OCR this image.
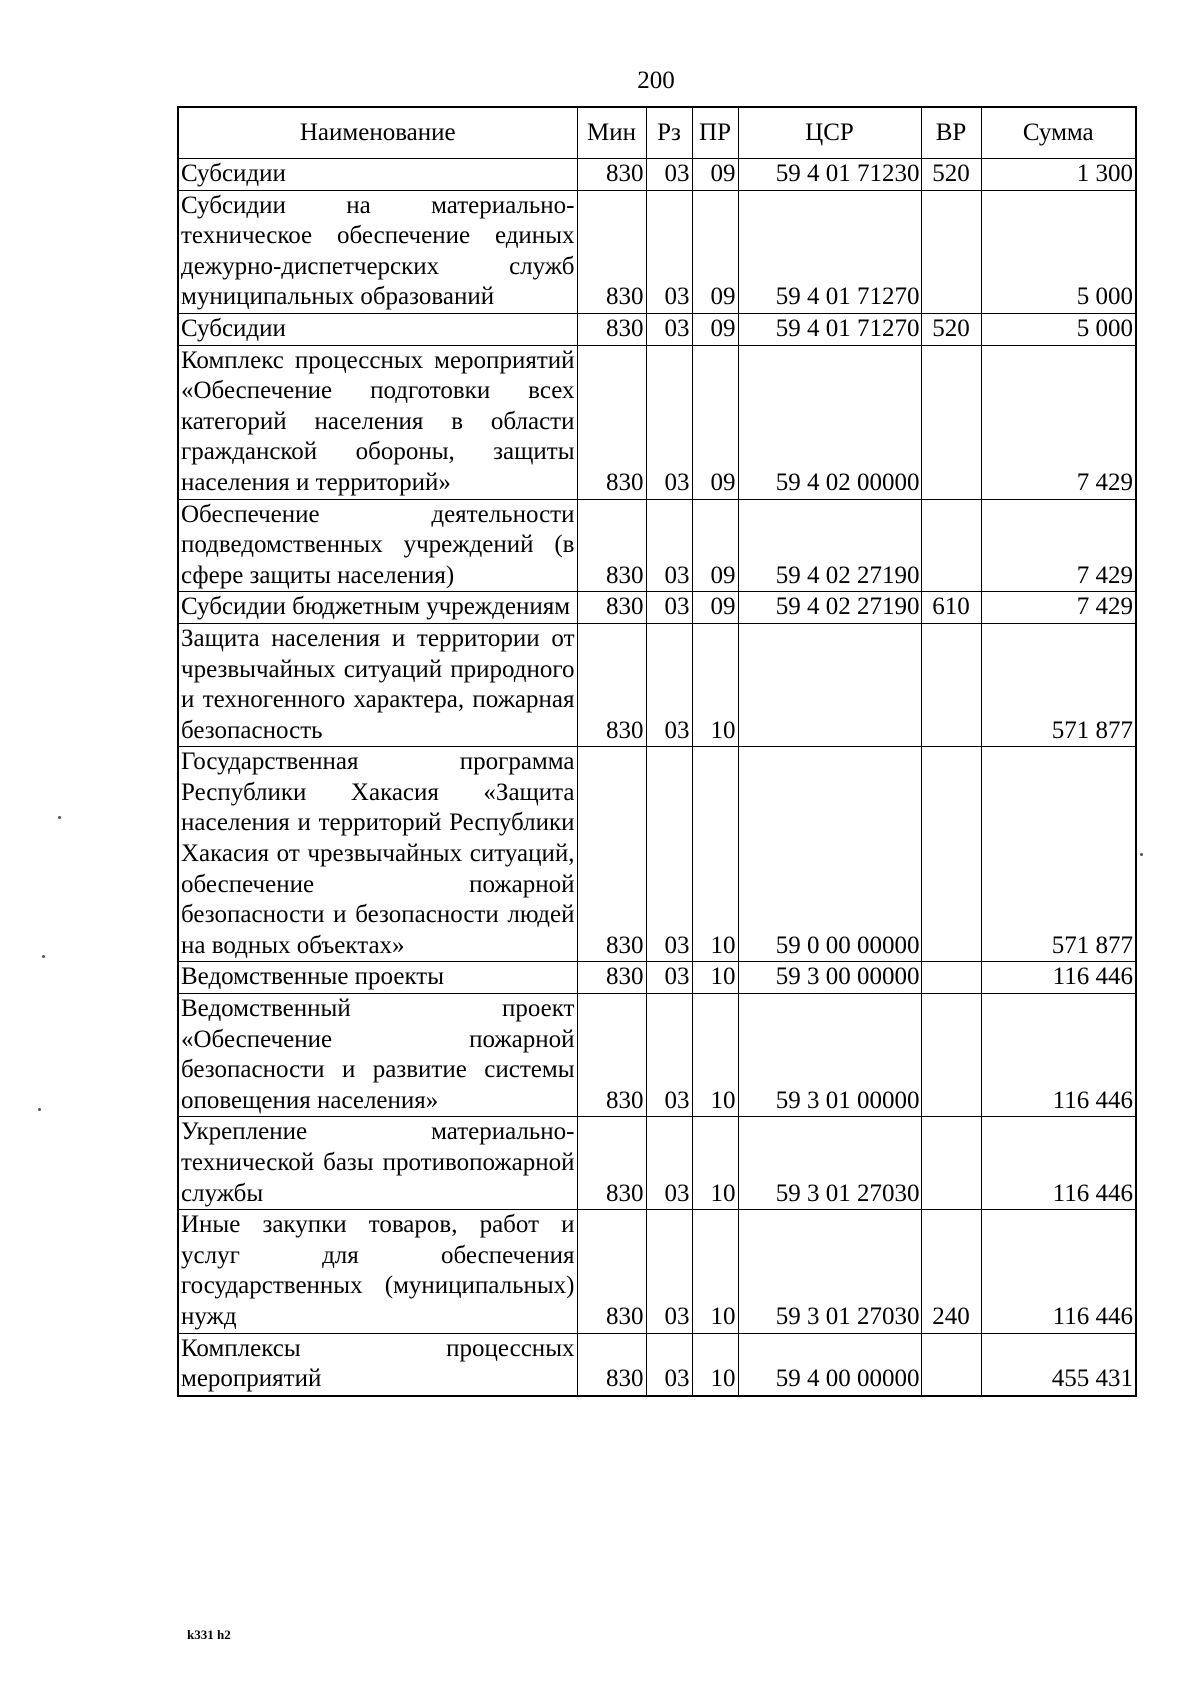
200
Наименование	Мин	Рз	ПР	ЦСР	ВР	Сумма
Субсидии	830	03	09	59 4 01 71230	520	1 300
Субсидии на материально-техническое обеспечение единых дежурно-диспетчерских служб муниципальных образований	830	03	09	59 4 01 71270		5 000
Субсидии	830	03	09	59 4 01 71270	520	5 000
Комплекс процессных мероприятий «Обеспечение подготовки всех категорий населения в области гражданской обороны, защиты населения и территорий»	830	03	09	59 4 02 00000		7 429
Обеспечение деятельности подведомственных учреждений (в сфере защиты населения)	830	03	09	59 4 02 27190		7 429
Субсидии бюджетным учреждениям	830	03	09	59 4 02 27190	610	7 429
Защита населения и территории от чрезвычайных ситуаций природного и техногенного характера, пожарная безопасность	830	03	10			571 877
Государственная программа Республики Хакасия «Защита населения и территорий Республики Хакасия от чрезвычайных ситуаций, обеспечение пожарной безопасности и безопасности людей на водных объектах»	830	03	10	59 0 00 00000		571 877
Ведомственные проекты	830	03	10	59 3 00 00000		116 446
Ведомственный проект «Обеспечение пожарной безопасности и развитие системы оповещения населения»	830	03	10	59 3 01 00000		116 446
Укрепление материально-технической базы противопожарной службы	830	03	10	59 3 01 27030		116 446
Иные закупки товаров, работ и услуг для обеспечения государственных (муниципальных) нужд	830	03	10	59 3 01 27030	240	116 446
Комплексы процессных мероприятий	830	03	10	59 4 00 00000		455 431
k331 h2
